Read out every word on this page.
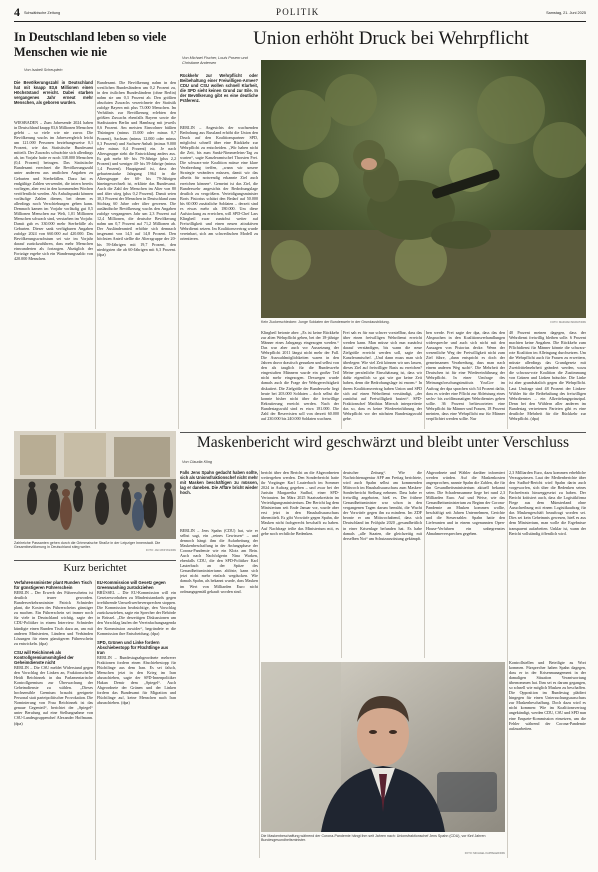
4 Schwäbische Zeitung	POLITIK	Samstag, 21. Juni 2025
In Deutschland leben so viele Menschen wie nie
Von Isabell Scheuplein
Die Bevölkerungszahl in Deutschland hat mit knapp 83,6 Millionen einen Höchststand erreicht. Dabei starben vergangenes Jahr erneut mehr Menschen, als geboren wurden.
WIESBADEN – Zum Jahresende 2024 haben in Deutschland knapp 83,6 Millionen Menschen gelebt – so viele wie nie zuvor. Die Bevölkerung wuchs im Jahresvergleich leicht um 121.000 Personen beziehungsweise 0,1 Prozent, wie das Statistische Bundesamt mitteilt. Der Zuwachs schwächte sich allerdings ab, im Vorjahr hatte er noch 338.000 Menschen (0,4 Prozent) betragen. Das Statistische Bundesamt errechnet die Bevölkerungszahl unter anderem aus amtlichen Angaben zu Geburten und Sterbefällen. Dazu hat es endgültige Zahlen verwendet, die intern bereits vorliegen, aber erst in den kommenden Wochen veröffentlicht werden. Als Anhaltspunkt können vorläufige Zahlen dienen, bei denen es allerdings noch Verschiebungen geben kann. Demnach kamen im Vorjahr vorläufig gut 0,5 Millionen Menschen zur Welt, 1,01 Millionen Menschen schwach sind, verstarben im Vorjahr. Damit gab es 330.000 mehr Sterbefälle als Geburten. Dieser sank verfügbaren Angaben zufolge 2024 von 660.000 auf 420.000. Das Bevölkerungswachstum sei wie im Vorjahr darauf zurückzuführen, dass mehr Menschen einwanderten als fortzogen. Abzüglich der Fortzüge ergebe sich ein Wanderungssaldo von 420.000 Menschen.
Bundesamt. Die Bevölkerung nahm in den westlichen Bundesländern um 0,2 Prozent zu, in den östlichen Bundesländern (ohne Berlin) nahm sie um 0,3 Prozent ab. Den größten absoluten Zuwachs verzeichnete der Statistik zufolge Bayern mit plus 73.000 Menschen. Im Verhältnis zur Bevölkerung erlebten den größten Zuwachs ebenfalls Bayern sowie die Stadtstaaten Berlin und Hamburg mit jeweils 0,6 Prozent. Am meisten Einwohner büßten Thüringen (minus 15.000 oder minus 0,7 Prozent), Sachsen (minus 12.000 oder minus 0,3 Prozent) und Sachsen-Anhalt (minus 9.000 oder minus 0,4 Prozent) ein. Je nach Altersgruppe sieht die Entwicklung anders aus. Es gab mehr 60- bis 79-Jährige (plus 2,2 Prozent) und weniger 40- bis 59-Jährige (minus 1,4 Prozent). Hauptgrund ist, dass der geburtenstarke Jahrgang 1964 in die Altersgruppe der 60- bis 79-Jährigen hineingewechselt ist, erklärte das Bundesamt. Auch die Zahl der Menschen im Alter von 80 und älter stieg (plus 0,2 Prozent). Damit seien 30,3 Prozent der Menschen in Deutschland zum Stichtag 60 Jahre oder älter gewesen. Die ausländische Bevölkerung wuchs den Angaben zufolge vergangenes Jahr um 2,3 Prozent auf 12,4 Millionen, die deutsche Bevölkerung nahm um 0,7 Prozent auf 71,2 Millionen ab. Der Ausländeranteil erhöhte sich demnach insgesamt von 14,5 auf 14,8 Prozent. Den höchsten Anteil stellte die Altersgruppe der 20- bis 59-Jährigen mit 19,7 Prozent, den niedrigsten die ab 60-Jährigen mit 6,3 Prozent. (dpa)
Zahlreiche Passanten gehen durch die Grimmaische Straße in der Leipziger Innenstadt. Die Gesamtbevölkerung in Deutschland stieg weiter.
FOTO: JAN WOITAS/DPA
Union erhöht Druck bei Wehrpflicht
Von Michael Fischer, Louis Posern und Christiane Andersen
Rückkehr zur Wehrpflicht oder Beibehaltung einer Freiwilligen-Armee? CDU und CSU wollen schnell Klarheit, die SPD sieht keinen Grund zur Eile. In der Bevölkerung gibt es eine deutliche Präferenz.
BERLIN – Angesichts der wachsenden Bedrohung aus Russland erhöht die Union den Druck auf den Koalitionspartner SPD, möglichst schnell über eine Rückkehr zur Wehrpflicht zu entscheiden. „Wir haben nicht die Zeit, bis zum Sankt-Nimmerleins-Tag zu warten“, sagte Kanzleramtschef Thorsten Frei. Die schwarz-rote Koalition müsse eine klare Verabredung treffen, „wann wir unsere Strategie verändern müssen, damit wir das allseits für notwendig erkannte Ziel auch erreichen können“. Gemeint ist das Ziel, die Bundeswehr angesichts der Bedrohungslage deutlich zu vergrößern. Verteidigungsminister Boris Pistorius schätzt den Bedarf auf 50.000 bis 60.000 zusätzliche Soldaten – derzeit sind es etwas mehr als 180.000. Um diese Aufstockung zu erreichen, will SPD-Chef Lars Klingbeil zwar zunächst weiter auf Freiwilligkeit und einen neuen attraktiven Wehrdienst setzen. Im Koalitionsvertrag wurde vereinbart, sich am schwedischen Modell zu orientieren.
Kein Zuckerschlecken: Junge Soldaten der Bundeswehr in der Grundausbildung.	FOTO: MARIJAN MURAT/DPA
Klingbeil betonte aber: „Es ist keine Rückkehr zur alten Wehrpflicht geben, bei der 18-jährige Männer eines Jahrgangs eingezogen werden.“ Das war aber auch vor Aussetzung der Wehrpflicht 2011 längst nicht mehr der Fall. Die Auswahlmöglichkeiten waren in den Jahren davor drastisch gesunken und selbst von den als tauglich für die Bundeswehr eingestuften Männern wurde ein großer Teil nicht mehr eingezogen. Deswegen wurde damals auch die Frage der Wehrgerechtigkeit diskutiert. Die Zielgröße der Bundeswehr liegt heute bei 203.000 Soldaten – doch selbst die konnte bisher nicht über die freiwillige Rekrutierung erreicht werden. Nach der Bundestagswahl sind es etwa 181.000. Die Zahl der Reservisten soll von derzeit 60.000 auf 230.000 bis 240.000 Soldaten wachsen.
Frei sah es für nur schwer vorstellbar, dass das über einen freiwilligen Wehrdienst erreicht werden kann. Man müsse sich nun zunächst darauf verständigen, bis wann die neue Zielgröße erreicht werden soll, sagte der Kanzleramtschef. „Und dann muss man sich überlegen: Wie viel Zeit können wir uns lassen, dieses Ziel auf freiwilliger Basis zu erreichen? Meine persönliche Einschätzung ist, dass wir dafür eigentlich so gut wie gar keine Zeit haben, denn die Bedrohungslage ist enorm.“ In ihrem Koalitionsvertrag haben Union und SPD sich auf einen Wehrdienst verständigt, „der zunächst auf Freiwilligkeit basiert“. SPD-Fraktionschef Matthias Miersch interpretierte das so, dass es keine Wiedereinführung der Wehrpflicht vor der nächsten Bundestagswahl gebe.
ben werde. Frei sagte der dpa, dass das den Absprachen in den Koalitionsverhandlungen widerspreche und auch sich nicht mit den Aussagen von Pistorius decke. Wenn der wesentliche Weg der Freiwilligkeit nicht zum Ziel führe, „dann entspricht es doch der gemeinsamen Verabredung, dass man nach einem anderen Weg sucht“. Die Mehrheit der Deutschen ist für eine Wiedereinführung der Wehrpflicht. In einer Umfrage des Meinungsforschungsinstituts YouGov im Auftrag der dpa sprachen sich 54 Prozent dafür, dass es wieder eine Pflicht zur Ableistung eines sechs- bis zwölfmonatigen Wehrdienstes geben sollte. 36 Prozent befürworteten eine Wehrpflicht für Männer und Frauen, 18 Prozent meinten, dass eine Wehrpflicht nur für Männer verpflichtet werden sollte. Nur
40 Prozent meinen dagegen, dass der Wehrdienst freiwillig bleiben solle. 6 Prozent machten keine Angaben. Die Rückkehr zum Pflichtdienst für Männer könnte die schwarz-rote Koalition im Alleingang durchsetzen. Um die Wehrpflicht auch für Frauen zu erweitern, müsste allerdings das Grundgesetz mit Zweidrittelmehrheit geändert werden, wozu die schwarz-rote Koalition die Zustimmung von Grünen und Linken bräuchte. Die Linke ist aber grundsätzlich gegen die Wehrpflicht. Laut Umfrage sind 48 Prozent der Linken-Wähler für die Beibehaltung des freiwilligen Wehrdienstes – ein Allzeitelangsprinzipal. Denn bei den Wählern aller anderen im Bundestag vertretenen Parteien gibt es eine deutliche Mehrheit für die Rückkehr zur Wehrpflicht. (dpa)
Maskenbericht wird geschwärzt und bleibt unter Verschluss
Von Claudia Kling
Falls Jens Spahn gedacht haben sollte, sich als Unionsfraktionschef nicht mehr mit Masken beschäftigen zu müssen, lag er daneben. Die Affäre bricht wieder hoch.
BERLIN – Jens Spahn (CDU) hat, wie er selbst sagt, ein „reines Gewissen“ – und dennoch hängt ihm die Aufarbeitung der Maskenbeschaffung in der Anfangsphase der Corona-Pandemie wie ein Klotz am Bein. Auch nach Nachfolgerin Nina Warken, ebenfalls CDU, die den SPD-Politiker Karl Lauterbach an der Spitze des Gesundheitsministeriums ablöste, kann sich jetzt nicht mehr einfach wegducken. Wie damals Spahn, als bekannt wurde, dass Masken im Wert von Milliarden Euro nicht ordnungsgemäß gekauft worden sind.
bericht über den Bericht an die Abgeordneten weitergeben werden. Den Sonderbericht hatte ihr Vorgänger Karl Lauterbach im Sommer 2024 in Auftrag gegeben – und zwar bei der Juristin Margaretha Sudhof, einer SPD-Vertrauten. Im März 2025 Staatssekretärin im Verteidigungsministerium. Der Bericht lag dem Ministerium seit Ende Januar vor, wurde aber erst jetzt in den Haushaltsausschuss übermittelt. Es gibt Vorwürfe gegen Spahn, die Masken nicht fachgerecht beschafft zu haben. Auf Nachfrage teilte das Ministerium mit, es gebe noch rechtliche Bedenken.
deutscher Zeitung“. Wie die Nachrichtenagentur AFP am Freitag berichtete, wird auch Spahn selbst am kommenden Mittwoch im Haushaltsausschuss zum Masken-Sonderbericht Stellung nehmen. Dass habe er freiwillig angeboten, hieß es. Der frühere Gesundheitsminister war schon in den vergangenen Tagen darum bemüht, die Wucht der Vorwürfe gegen ihn zu mindern. Im ZDF beonte er am Mittwochabend, dass sich Deutschland im Frühjahr 2020 „gesundheitlich in einer Krisenlage befunden hat. Es habe damals „alle Staaten, die gleichzeitig mit derselben Not“ um Schutzausrüstung gekämpft.
Abgeordnete und Wähler darüber informiert werden würden. Auf die Maskenkosten angesprochen, nannte Spahn die Zahlen, die für ihn Gesundheitsministerium aktuell bekannt seien. Die Schadenssumme liege bei rund 2,3 Milliarden Euro. Auf und Weise, wie das Gesundheitsministerium zu Beginn der Corona-Pandemie an Masken kommen wollte, beschäftigt seit Jahren Unternehmen, Gerichte und die Steuerzahler. Spahn hatte den Lieferanten und in einem sogenannten Open-House-Verfahren ein unbegrenztes Abnahmeversprechen gegeben.
2,3 Milliarden Euro, dazu kommen erhebliche Verzugszinsen. Laut der Medienberichte über den Sudhof-Bericht wird Spahn darin auch vorgeworfen, sich über die Bedenken seines Fachreferats hinweggesetzt zu haben. Der Bericht kritisiert auch, dass die Logistikfirma Fiege aus dem Münsterland ohne Ausschreibung mit einem Logistikauftrag für das Maskengeschäft beauftragt worden sei. Dies sei kein Geheimnis gewesen, hieß es aus dem Ministerium, man wolle die Ergebnisse transparent aufarbeiten. Unklar ist, wann der Bericht vollständig öffentlich wird.
Kontrollstellen und Beteiligte zu Wort kommen. Fürsprecher haben Spahn dagegen, dass er in der Krisenmanagement in der damaligen Situation Verantwortung übernommen hat. Ihm sei es darum gegangen, so schnell wie möglich Masken zu beschaffen. Die Opposition im Bundestag plädiert hingegen für einen Untersuchungsausschuss zur Maskenbeschaffung. Doch dazu wird es nicht kommen: Wie im Koalitionsvertrag angekündigt, werden CDU, CSU und SPD nun eine Enquete-Kommission einsetzen, um die Fehler während der Corona-Pandemie aufzuarbeiten.
Die Maskenbeschaffung während der Corona-Pandemie hängt ihm seit Jahren nach: Unionsfraktionschef Jens Spahn (CDU), vor fünf Jahren Bundesgesundheitsminister.
FOTO: MICHAEL KAPPELER/DPA
Kurz berichtet
Verfahrensminister plant Runden Tisch für günstigeren Führerschein
BERLIN – Der Erwerb des Führerscheins ist deutlich teurer geworden. Bundesverkehrsminister Patrick Schnieder plant, die Kosten des Führerscheins günstiger zu machen. Ein Führerschein sei immer noch für viele in Deutschland wichtig, sagte der CDU-Politiker in einem Interview. Schnieder kündigte einen Runden Tisch dazu an, um mit anderen Ministerien, Ländern und Verbänden Lösungen für einen günstigeren Führerschein zu entwickeln. (dpa)
CSU will Reichinnek als Kontrollgremiumsmitglied der Geheimdienste nicht
BERLIN – Die CSU meldet Widerstand gegen den Vorschlag der Linken an, Fraktionschefin Heidi Reichinnek in das Parlamentarische Kontrollgremium zur Überwachung der Geheimdienste zu wählen. „Dieses hochsensible Gremium braucht geeignete Personal statt parteipolitischer Provokation. Die Nominierung von Frau Reichinnek ist das genaue Gegenteil“, berichtet der „Spiegel“ unter Berufung auf eine Stellungnahme von CSU-Landesgruppenchef Alexander Hoffmann. (dpa)
EU-Kommission will Gesetz gegen Greenwashing zurückziehen
BRÜSSEL – Die EU-Kommission will ein Gesetzesvorhaben zu Mindeststandards gegen irreführende Umweltwerbeversprechen stoppen. Die Kommission beabsichtige, den Vorschlag zurückzuziehen, sagte ein Sprecher der Behörde in Brüssel. „Die derzeitigen Diskussionen um den Vorschlag laufen der Vereinfachungsagenda der Kommission zuwider“, begründete er die Kommission ihre Entscheidung. (dpa)
SPD, Grünen und Linke fordern Abschiebestopp für Flüchtlinge aus Iran
BERLIN – Bundestagsabgeordnete mehrerer Fraktionen fordern einen Abschiebestopp für Flüchtlinge aus dem Iran. Es sei falsch, Menschen jetzt in den Krieg im Iran abzuschieben, sagte der SPD-Innenpolitiker Hakan Demir dem „Spiegel“. Auch Abgeordnete der Grünen und der Linken fordern das Bundesamt für Migration und Flüchtlinge auf, keine Menschen nach Iran abzuschieben. (dpa)
